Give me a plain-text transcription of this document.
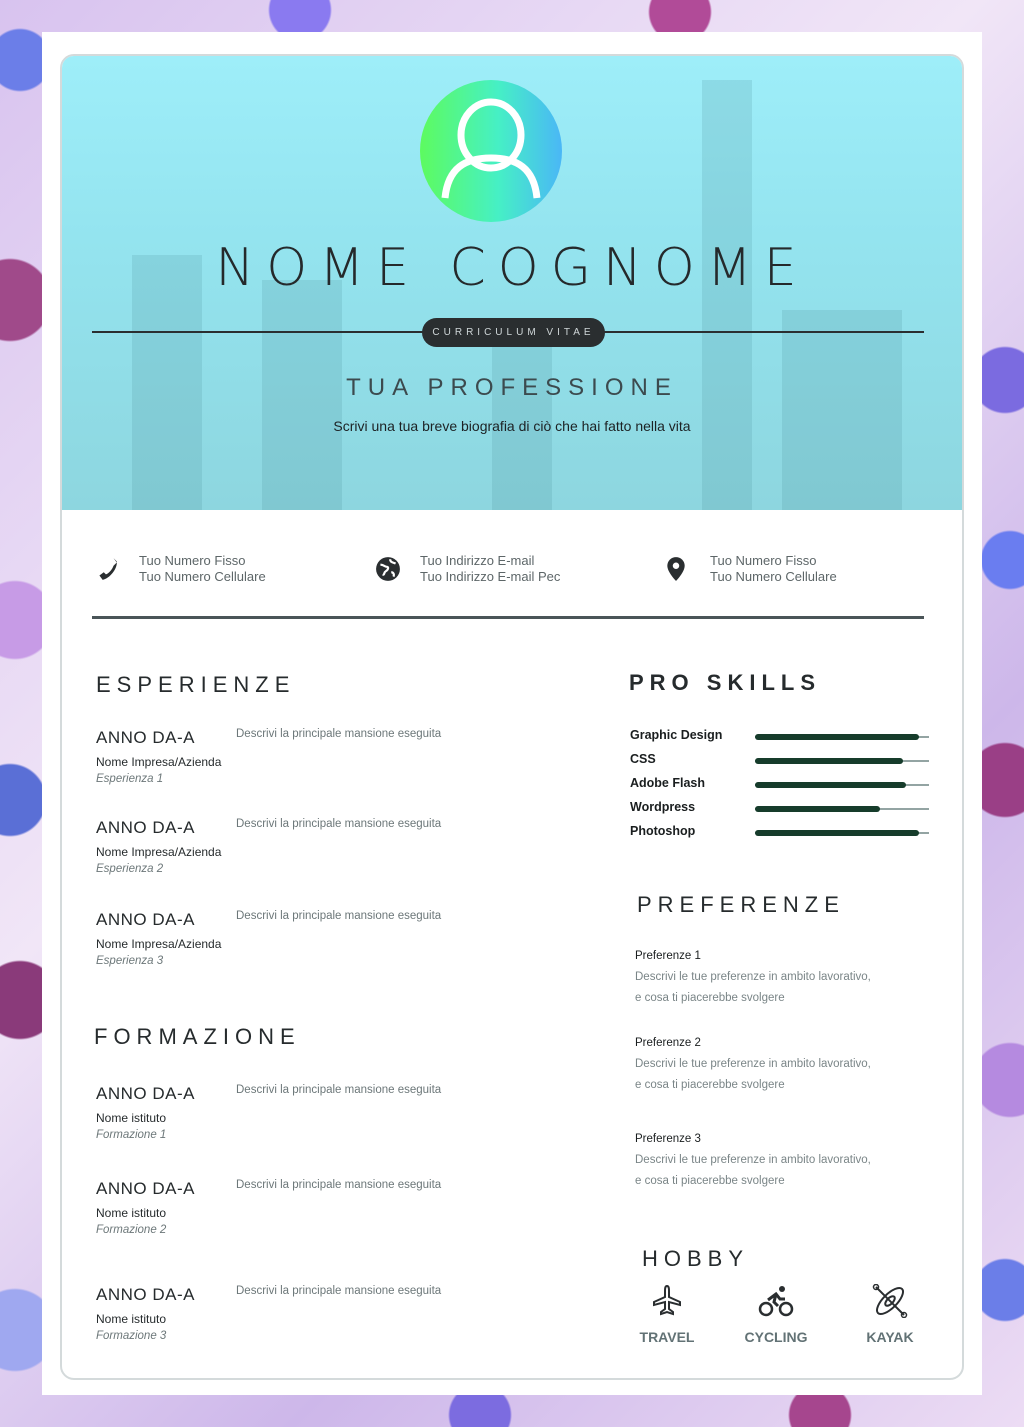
NOME COGNOME
CURRICULUM VITAE
TUA PROFESSIONE
Scrivi una tua breve biografia di ciò che hai fatto nella vita
Tuo Numero Fisso
Tuo Numero Cellulare
Tuo Indirizzo E-mail
Tuo Indirizzo E-mail Pec
Tuo Numero Fisso
Tuo Numero Cellulare
ESPERIENZE
ANNO DA-A
Nome Impresa/Azienda
Esperienza 1
Descrivi la principale mansione eseguita
ANNO DA-A
Nome Impresa/Azienda
Esperienza 2
Descrivi la principale mansione eseguita
ANNO DA-A
Nome Impresa/Azienda
Esperienza 3
Descrivi la principale mansione eseguita
FORMAZIONE
ANNO DA-A
Nome istituto
Formazione 1
Descrivi la principale mansione eseguita
ANNO DA-A
Nome istituto
Formazione 2
Descrivi la principale mansione eseguita
ANNO DA-A
Nome istituto
Formazione 3
Descrivi la principale mansione eseguita
PRO SKILLS
Graphic Design
CSS
Adobe Flash
Wordpress
Photoshop
PREFERENZE
Preferenze 1
Descrivi le tue preferenze in ambito lavorativo,
e cosa ti piacerebbe svolgere
Preferenze 2
Descrivi le tue preferenze in ambito lavorativo,
e cosa ti piacerebbe svolgere
Preferenze 3
Descrivi le tue preferenze in ambito lavorativo,
e cosa ti piacerebbe svolgere
HOBBY
TRAVEL	CYCLING	KAYAK
